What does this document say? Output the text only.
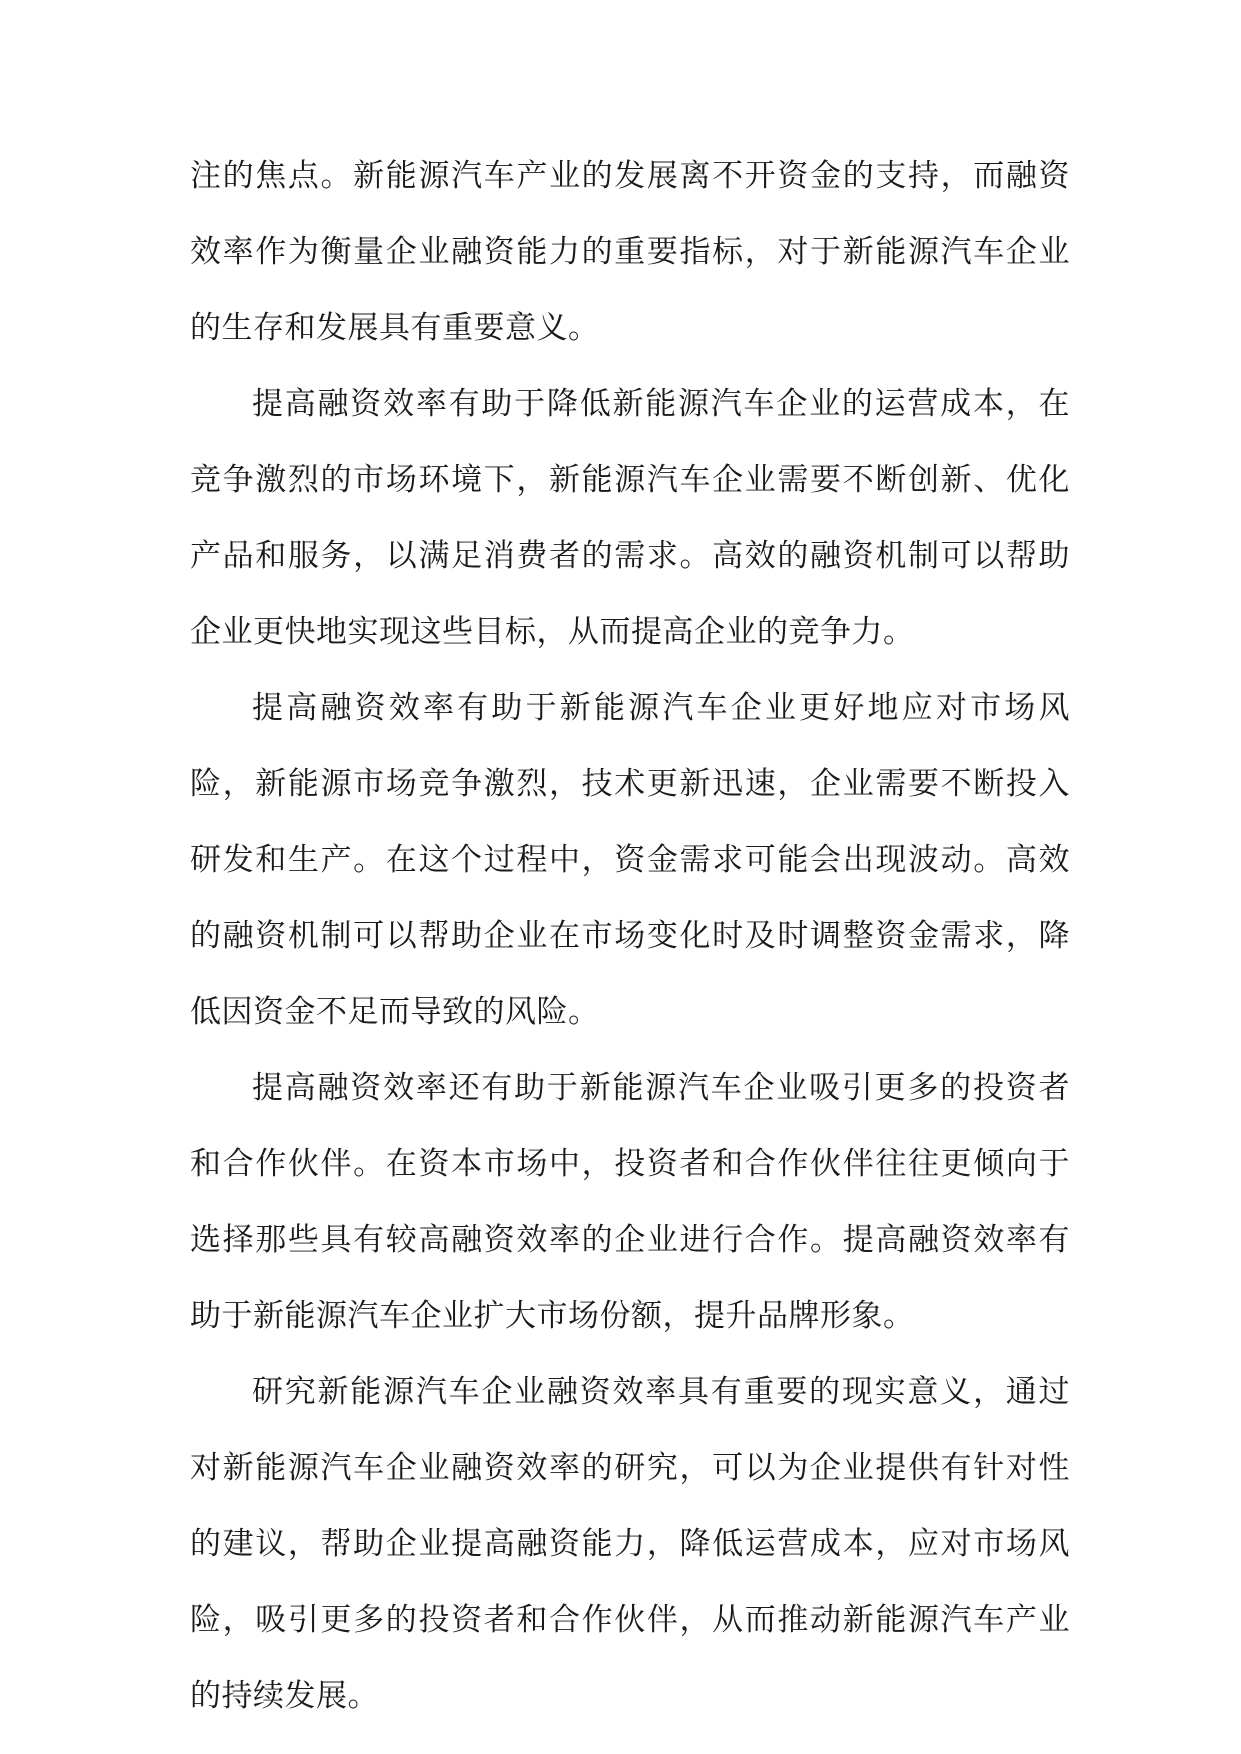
注的焦点。新能源汽车产业的发展离不开资金的支持，而融资效率作为衡量企业融资能力的重要指标，对于新能源汽车企业的生存和发展具有重要意义。

提高融资效率有助于降低新能源汽车企业的运营成本，在竞争激烈的市场环境下，新能源汽车企业需要不断创新、优化产品和服务，以满足消费者的需求。高效的融资机制可以帮助企业更快地实现这些目标，从而提高企业的竞争力。

提高融资效率有助于新能源汽车企业更好地应对市场风险，新能源市场竞争激烈，技术更新迅速，企业需要不断投入研发和生产。在这个过程中，资金需求可能会出现波动。高效的融资机制可以帮助企业在市场变化时及时调整资金需求，降低因资金不足而导致的风险。

提高融资效率还有助于新能源汽车企业吸引更多的投资者和合作伙伴。在资本市场中，投资者和合作伙伴往往更倾向于选择那些具有较高融资效率的企业进行合作。提高融资效率有助于新能源汽车企业扩大市场份额，提升品牌形象。

研究新能源汽车企业融资效率具有重要的现实意义，通过对新能源汽车企业融资效率的研究，可以为企业提供有针对性的建议，帮助企业提高融资能力，降低运营成本，应对市场风险，吸引更多的投资者和合作伙伴，从而推动新能源汽车产业的持续发展。
